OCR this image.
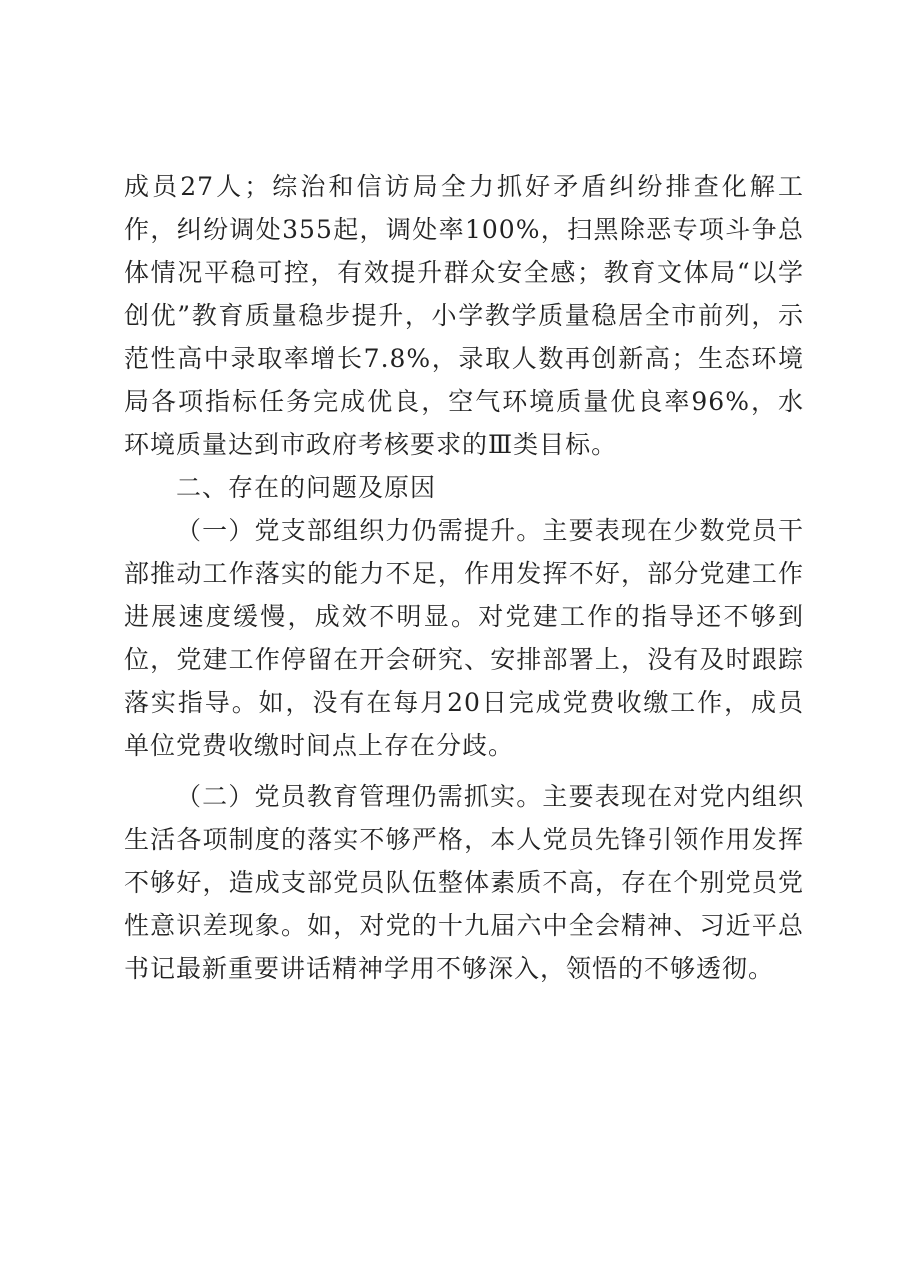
成员27人；综治和信访局全力抓好矛盾纠纷排查化解工作，纠纷调处355起，调处率100%，扫黑除恶专项斗争总体情况平稳可控，有效提升群众安全感；教育文体局“以学创优”教育质量稳步提升，小学教学质量稳居全市前列，示范性高中录取率增长7.8%，录取人数再创新高；生态环境局各项指标任务完成优良，空气环境质量优良率96%，水环境质量达到市政府考核要求的Ⅲ类目标。

二、存在的问题及原因

（一）党支部组织力仍需提升。主要表现在少数党员干部推动工作落实的能力不足，作用发挥不好，部分党建工作进展速度缓慢，成效不明显。对党建工作的指导还不够到位，党建工作停留在开会研究、安排部署上，没有及时跟踪落实指导。如，没有在每月20日完成党费收缴工作，成员单位党费收缴时间点上存在分歧。

（二）党员教育管理仍需抓实。主要表现在对党内组织生活各项制度的落实不够严格，本人党员先锋引领作用发挥不够好，造成支部党员队伍整体素质不高，存在个别党员党性意识差现象。如，对党的十九届六中全会精神、习近平总书记最新重要讲话精神学用不够深入，领悟的不够透彻。
